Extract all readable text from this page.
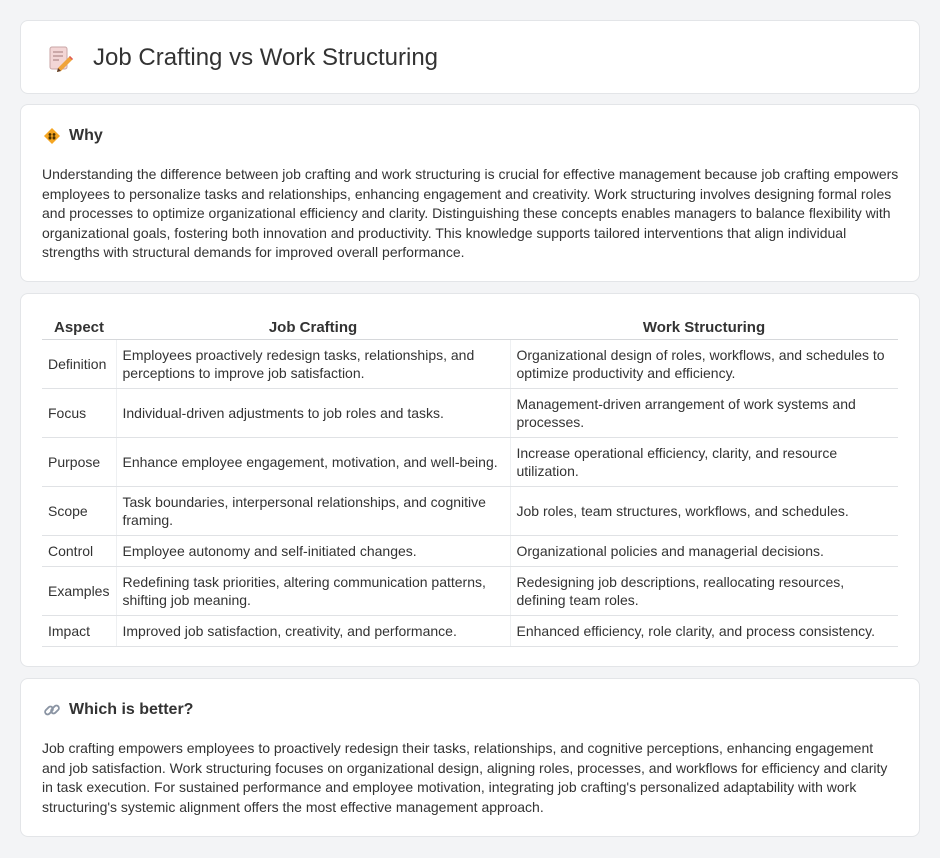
Job Crafting vs Work Structuring
Why

Understanding the difference between job crafting and work structuring is crucial for effective management because job crafting empowers employees to personalize tasks and relationships, enhancing engagement and creativity. Work structuring involves designing formal roles and processes to optimize organizational efficiency and clarity. Distinguishing these concepts enables managers to balance flexibility with organizational goals, fostering both innovation and productivity. This knowledge supports tailored interventions that align individual strengths with structural demands for improved overall performance.

Aspect	Job Crafting	Work Structuring
Definition	Employees proactively redesign tasks, relationships, and perceptions to improve job satisfaction.	Organizational design of roles, workflows, and schedules to optimize productivity and efficiency.
Focus	Individual-driven adjustments to job roles and tasks.	Management-driven arrangement of work systems and processes.
Purpose	Enhance employee engagement, motivation, and well-being.	Increase operational efficiency, clarity, and resource utilization.
Scope	Task boundaries, interpersonal relationships, and cognitive framing.	Job roles, team structures, workflows, and schedules.
Control	Employee autonomy and self-initiated changes.	Organizational policies and managerial decisions.
Examples	Redefining task priorities, altering communication patterns, shifting job meaning.	Redesigning job descriptions, reallocating resources, defining team roles.
Impact	Improved job satisfaction, creativity, and performance.	Enhanced efficiency, role clarity, and process consistency.
Which is better?

Job crafting empowers employees to proactively redesign their tasks, relationships, and cognitive perceptions, enhancing engagement and job satisfaction. Work structuring focuses on organizational design, aligning roles, processes, and workflows for efficiency and clarity in task execution. For sustained performance and employee motivation, integrating job crafting's personalized adaptability with work structuring's systemic alignment offers the most effective management approach.
